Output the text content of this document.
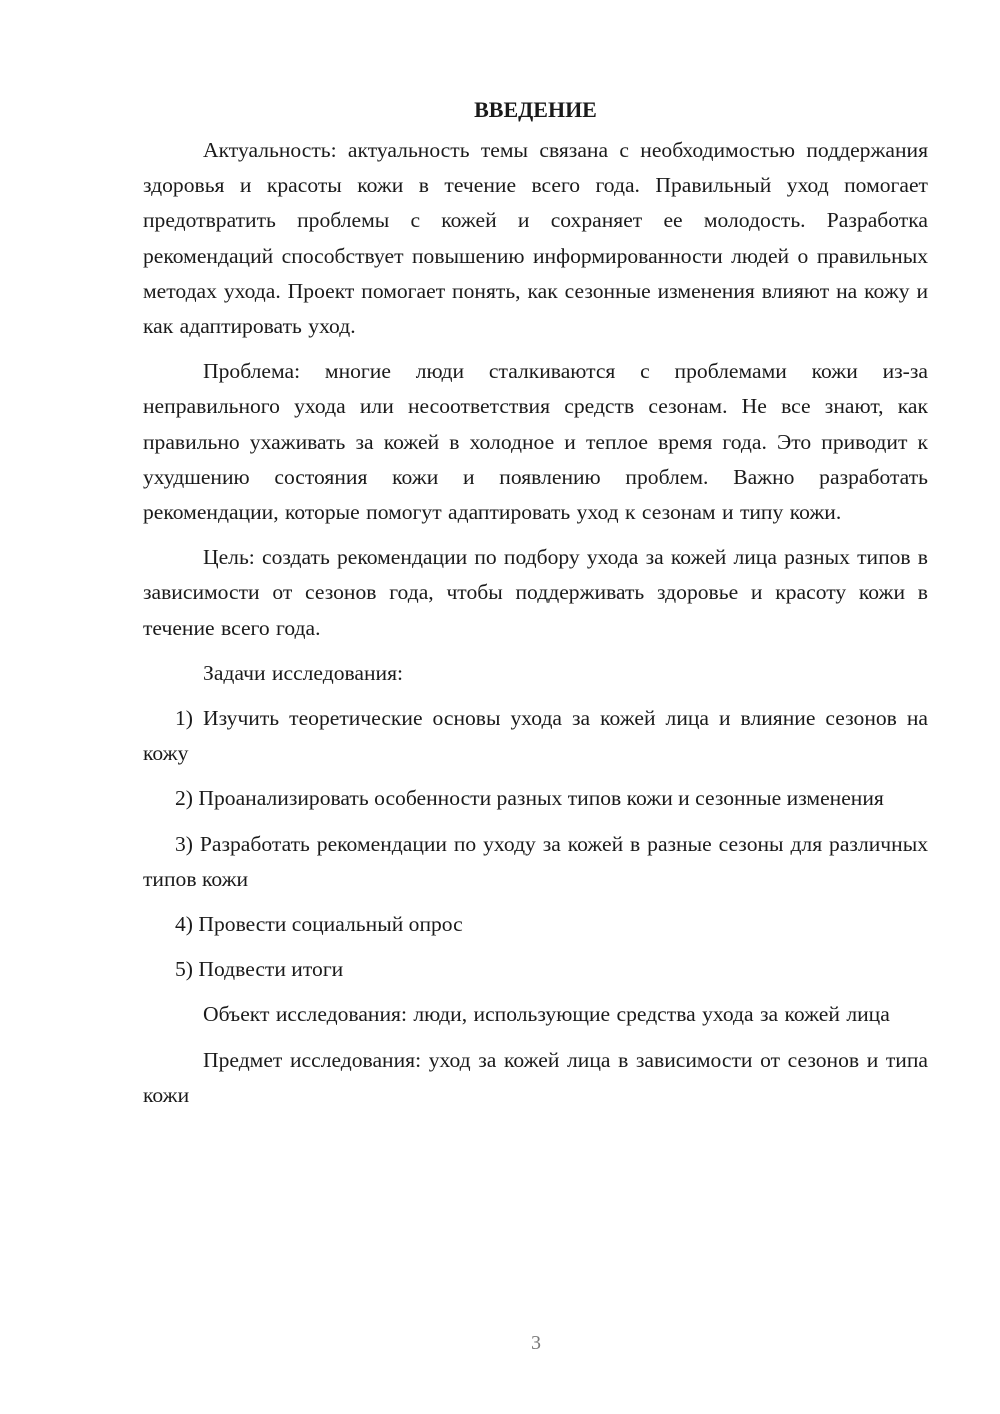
ВВЕДЕНИЕ

Актуальность: актуальность темы связана с необходимостью поддержания здоровья и красоты кожи в течение всего года. Правильный уход помогает предотвратить проблемы с кожей и сохраняет ее молодость. Разработка рекомендаций способствует повышению информированности людей о правильных методах ухода. Проект помогает понять, как сезонные изменения влияют на кожу и как адаптировать уход.

Проблема: многие люди сталкиваются с проблемами кожи из-за неправильного ухода или несоответствия средств сезонам. Не все знают, как правильно ухаживать за кожей в холодное и теплое время года. Это приводит к ухудшению состояния кожи и появлению проблем. Важно разработать рекомендации, которые помогут адаптировать уход к сезонам и типу кожи.

Цель: создать рекомендации по подбору ухода за кожей лица разных типов в зависимости от сезонов года, чтобы поддерживать здоровье и красоту кожи в течение всего года.

Задачи исследования:

1) Изучить теоретические основы ухода за кожей лица и влияние сезонов на кожу

2) Проанализировать особенности разных типов кожи и сезонные изменения

3) Разработать рекомендации по уходу за кожей в разные сезоны для различных типов кожи

4) Провести социальный опрос

5) Подвести итоги

Объект исследования: люди, использующие средства ухода за кожей лица

Предмет исследования: уход за кожей лица в зависимости от сезонов и типа кожи

3
